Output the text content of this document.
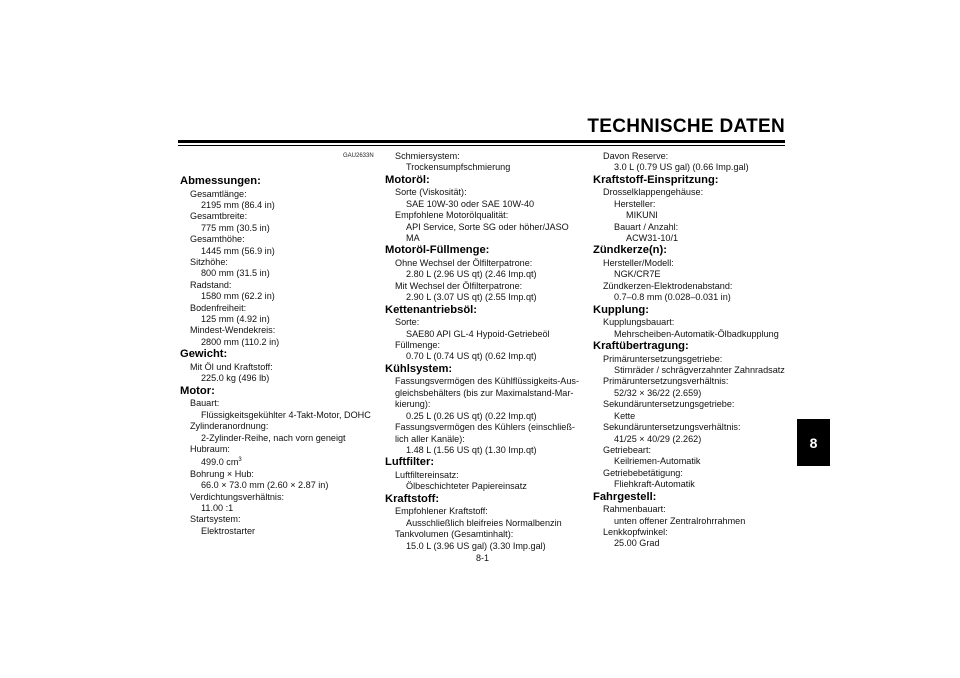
TECHNISCHE DATEN
8
GAU2633N
8-1
Abmessungen:
Gesamtlänge:
2195 mm (86.4 in)
Gesamtbreite:
775 mm (30.5 in)
Gesamthöhe:
1445 mm (56.9 in)
Sitzhöhe:
800 mm (31.5 in)
Radstand:
1580 mm (62.2 in)
Bodenfreiheit:
125 mm (4.92 in)
Mindest-Wendekreis:
2800 mm (110.2 in)
Gewicht:
Mit Öl und Kraftstoff:
225.0 kg (496 lb)
Motor:
Bauart:
Flüssigkeitsgekühlter 4-Takt-Motor, DOHC
Zylinderanordnung:
2-Zylinder-Reihe, nach vorn geneigt
Hubraum:
499.0 $cm^3$
Bohrung × Hub:
66.0 × 73.0 mm (2.60 × 2.87 in)
Verdichtungsverhältnis:
11.00 :1
Startsystem:
Elektrostarter
Schmiersystem:
Trockensumpfschmierung
Motoröl:
Sorte (Viskosität):
SAE 10W-30 oder SAE 10W-40
Empfohlene Motorölqualität:
API Service, Sorte SG oder höher/JASO
MA
Motoröl-Füllmenge:
Ohne Wechsel der Ölfilterpatrone:
2.80 L (2.96 US qt) (2.46 Imp.qt)
Mit Wechsel der Ölfilterpatrone:
2.90 L (3.07 US qt) (2.55 Imp.qt)
Kettenantriebsöl:
Sorte:
SAE80 API GL-4 Hypoid-Getriebeöl
Füllmenge:
0.70 L (0.74 US qt) (0.62 Imp.qt)
Kühlsystem:
Fassungsvermögen des Kühlflüssigkeits-Aus-
gleichsbehälters (bis zur Maximalstand-Mar-
kierung):
0.25 L (0.26 US qt) (0.22 Imp.qt)
Fassungsvermögen des Kühlers (einschließ-
lich aller Kanäle):
1.48 L (1.56 US qt) (1.30 Imp.qt)
Luftfilter:
Luftfiltereinsatz:
Ölbeschichteter Papiereinsatz
Kraftstoff:
Empfohlener Kraftstoff:
Ausschließlich bleifreies Normalbenzin
Tankvolumen (Gesamtinhalt):
15.0 L (3.96 US gal) (3.30 Imp.gal)
Davon Reserve:
3.0 L (0.79 US gal) (0.66 Imp.gal)
Kraftstoff-Einspritzung:
Drosselklappengehäuse:
Hersteller:
MIKUNI
Bauart / Anzahl:
ACW31-10/1
Zündkerze(n):
Hersteller/Modell:
NGK/CR7E
Zündkerzen-Elektrodenabstand:
0.7–0.8 mm (0.028–0.031 in)
Kupplung:
Kupplungsbauart:
Mehrscheiben-Automatik-Ölbadkupplung
Kraftübertragung:
Primäruntersetzungsgetriebe:
Stirnräder / schrägverzahnter Zahnradsatz
Primäruntersetzungsverhältnis:
52/32 × 36/22 (2.659)
Sekundäruntersetzungsgetriebe:
Kette
Sekundäruntersetzungsverhältnis:
41/25 × 40/29 (2.262)
Getriebeart:
Keilriemen-Automatik
Getriebebetätigung:
Fliehkraft-Automatik
Fahrgestell:
Rahmenbauart:
unten offener Zentralrohrrahmen
Lenkkopfwinkel:
25.00 Grad
